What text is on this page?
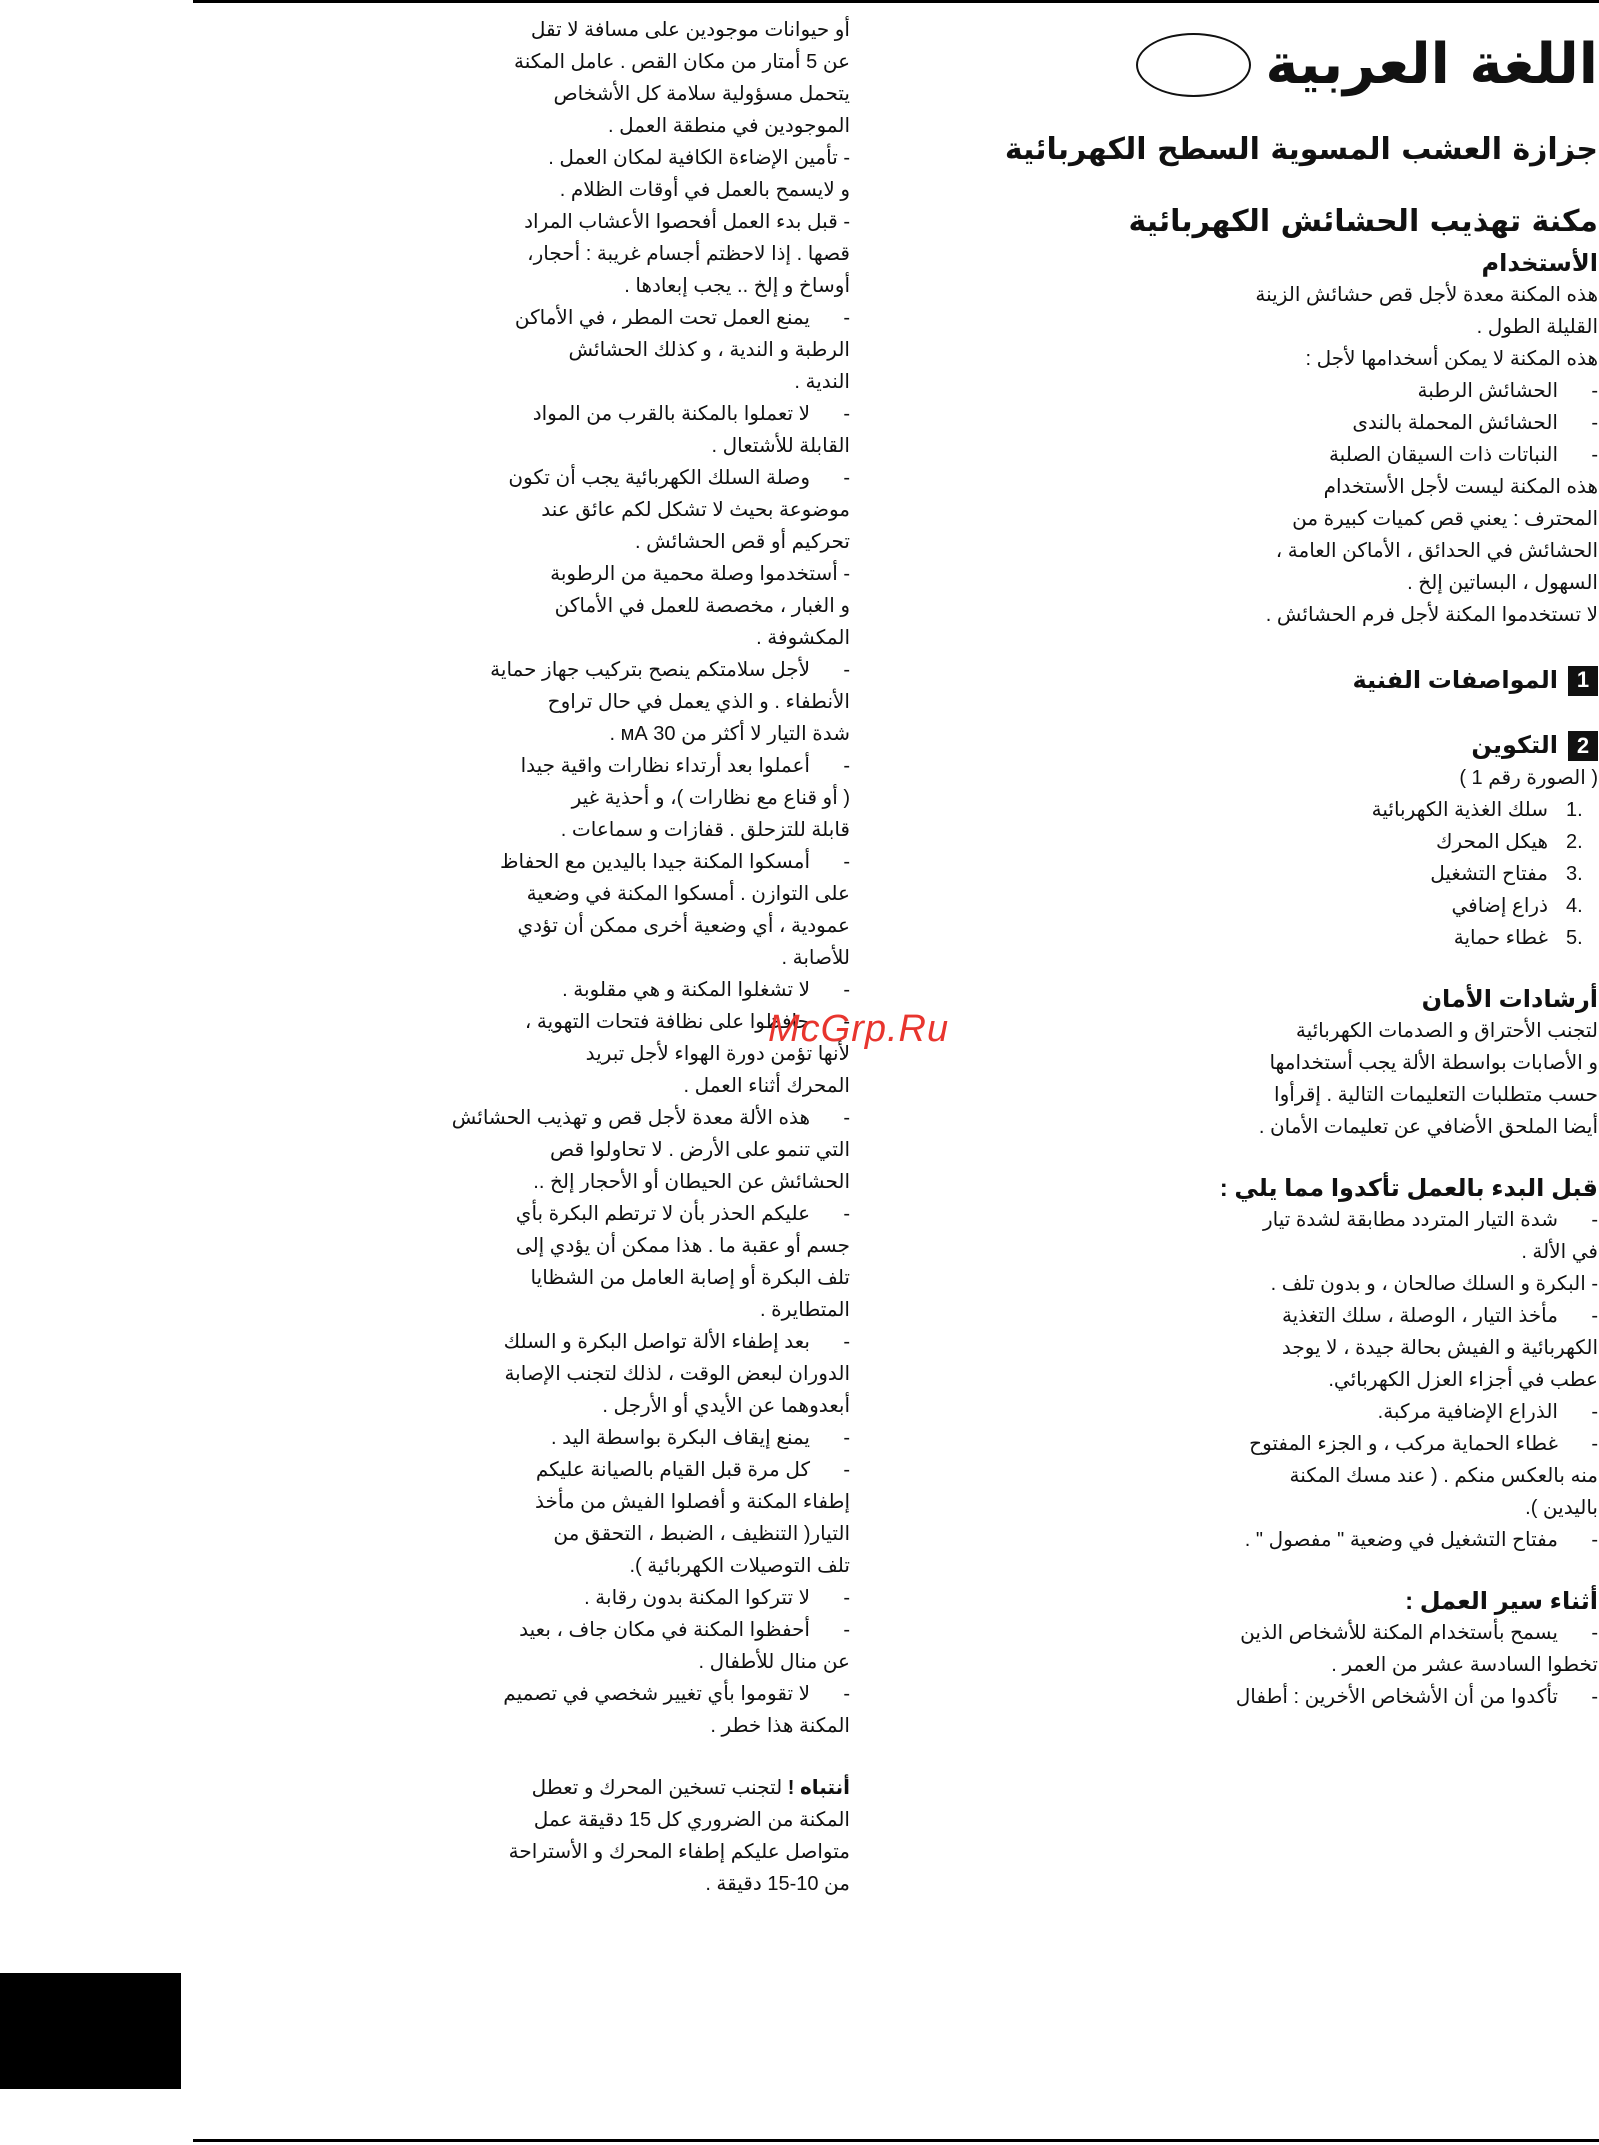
اللغة العربية
جزازة العشب المسوية السطح الكهربائية
مكنة تهذيب الحشائش الكهربائية
الأستخدام
هذه المكنة معدة لأجل قص حشائش الزينة
القليلة الطول .
هذه المكنة لا يمكن أسخدامها لأجل :
-      الحشائش الرطبة
-      الحشائش المحملة بالندى
-      النباتات ذات السيقان الصلبة
هذه المكنة ليست لأجل الأستخدام
المحترف : يعني قص كميات كبيرة من
الحشائش في الحدائق ، الأماكن العامة ،
السهول ، البساتين إلخ .
لا تستخدموا المكنة لأجل فرم الحشائش .
1
المواصفات الفنية
2
التكوين
( الصورة رقم 1 )
1.
سلك الغذية الكهربائية
2.
هيكل المحرك
3.
مفتاح التشغيل
4.
ذراع إضافي
5.
غطاء حماية
أرشادات الأمان
لتجنب الأحتراق و الصدمات الكهربائية
و الأصابات بواسطة الألة يجب أستخدامها
حسب متطلبات التعليمات التالية . إقرأوا
أيضا الملحق الأضافي عن تعليمات الأمان .
قبل البدء بالعمل تأكدوا مما يلي :
-      شدة التيار المتردد مطابقة لشدة تيار
في الألة .
- البكرة و السلك صالحان ، و بدون تلف .
-      مأخذ التيار ، الوصلة ، سلك التغذية
الكهربائية و الفيش بحالة جيدة ، لا يوجد
عطب في أجزاء العزل الكهربائي.
-      الذراع الإضافية مركبة.
-      غطاء الحماية مركب ، و الجزء المفتوح
منه بالعكس منكم . ( عند مسك المكنة
باليدين ).
-      مفتاح التشغيل في وضعية " مفصول " .
أثناء سير العمل :
-      يسمح بأستخدام المكنة للأشخاص الذين
تخطوا السادسة عشر من العمر .
-      تأكدوا من أن الأشخاص الأخرين : أطفال
أو حيوانات موجودين على مسافة لا تقل
عن 5 أمتار من مكان القص . عامل المكنة
يتحمل مسؤولية سلامة كل الأشخاص
الموجودين في منطقة العمل .
- تأمين الإضاءة الكافية لمكان العمل .
و لايسمح بالعمل في أوقات الظلام .
- قبل بدء العمل أفحصوا الأعشاب المراد
قصها . إذا لاحظتم أجسام غريبة : أحجار،
أوساخ و إلخ .. يجب إبعادها .
-      يمنع العمل تحت المطر ، في الأماكن
الرطبة و الندية ، و كذلك الحشائش
الندية .
-      لا تعملوا بالمكنة بالقرب من المواد
القابلة للأشتعال .
-      وصلة السلك الكهربائية يجب أن تكون
موضوعة بحيث لا تشكل لكم عائق عند
تحركيم أو قص الحشائش .
- أستخدموا وصلة محمية من الرطوبة
و الغبار ، مخصصة للعمل في الأماكن
المكشوفة .
-      لأجل سلامتكم ينصح بتركيب جهاز حماية
الأنطفاء . و الذي يعمل في حال تراوح
شدة التيار لا أكثر من 30 мА .
-      أعملوا بعد أرتداء نظارات واقية جيدا
( أو قناع مع نظارات )، و أحذية غير
قابلة للتزحلق . قفازات و سماعات .
-      أمسكوا المكنة جيدا باليدين مع الحفاظ
على التوازن . أمسكوا المكنة في وضعية
عمودية ، أي وضعية أخرى ممكن أن تؤدي
للأصابة .
-      لا تشغلوا المكنة و هي مقلوبة .
-      حافظوا على نظافة فتحات التهوية ،
لأنها تؤمن دورة الهواء لأجل تبريد
المحرك أثناء العمل .
-      هذه الألة معدة لأجل قص و تهذيب الحشائش
التي تنمو على الأرض . لا تحاولوا قص
الحشائش عن الحيطان أو الأحجار إلخ ..
-      عليكم الحذر بأن لا ترتطم البكرة بأي
جسم أو عقبة ما . هذا ممكن أن يؤدي إلى
تلف البكرة أو إصابة العامل من الشظايا
المتطايرة .
-      بعد إطفاء الألة تواصل البكرة و السلك
الدوران لبعض الوقت ، لذلك لتجنب الإصابة
أبعدوهما عن الأيدي أو الأرجل .
-      يمنع إيقاف البكرة بواسطة اليد .
-      كل مرة قبل القيام بالصيانة عليكم
إطفاء المكنة و أفصلوا الفيش من مأخذ
التيار( التنظيف ، الضبط ، التحقق من
تلف التوصيلات الكهربائية ).
-      لا تتركوا المكنة بدون رقابة .
-      أحفظوا المكنة في مكان جاف ، بعيد
عن منال للأطفال .
-      لا تقوموا بأي تغيير شخصي في تصميم
المكنة هذا خطر .
أنتباه ! لتجنب تسخين المحرك و تعطل
المكنة من الضروري كل 15 دقيقة عمل
متواصل عليكم إطفاء المحرك و الأستراحة
من 10-15 دقيقة .
McGrp.Ru
